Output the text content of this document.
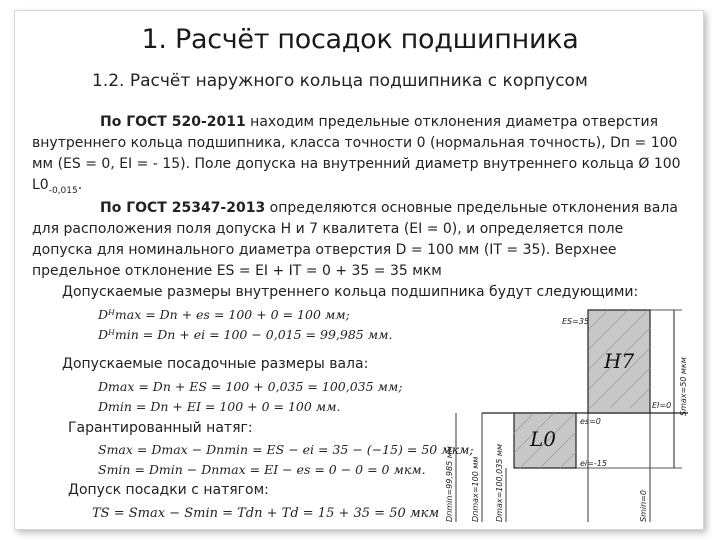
1. Расчёт посадок подшипника
1.2. Расчёт наружного кольца подшипника с корпусом
По ГОСТ 520-2011 находим предельные отклонения диаметра отверстия внутреннего кольца подшипника, класса точности 0 (нормальная точность), Dп = 100 мм (ES = 0, EI = - 15). Поле допуска на внутренний диаметр внутреннего кольца Ø 100 $L0_{-0,015}$.
По ГОСТ 25347-2013 определяются основные предельные отклонения вала для расположения поля допуска H и 7 квалитета (EI = 0), и определяется поле допуска для номинального диаметра отверстия D = 100 мм (IT = 35). Верхнее предельное отклонение ES = EI + IT = 0 + 35 = 35 мкм
Допускаемые размеры внутреннего кольца подшипника будут следующими:
Dᴴmax = Dп + es = 100 + 0 = 100 мм;
Dᴴmin = Dп + ei = 100 − 0,015 = 99,985 мм.
Допускаемые посадочные размеры вала:
Dmax = Dп + ES = 100 + 0,035 = 100,035 мм;
Dmin = Dп + EI = 100 + 0 = 100 мм.
Гарантированный натяг:
Smax = Dmax − Dпmin = ES − ei = 35 − (−15) = 50 мкм;
Smin = Dmin − Dпmax = EI − es = 0 − 0 = 0 мкм.
Допуск посадки с натягом:
TS = Smax − Smin = Tdп + Td = 15 + 35 = 50 мкм
H7
L0
ES=35
EI=0
es=0
ei=-15
Smax=50 мкм
Dпmin=99,985 мм Dпmax=100 мм Dmax=100,035 мм	Smin=0
